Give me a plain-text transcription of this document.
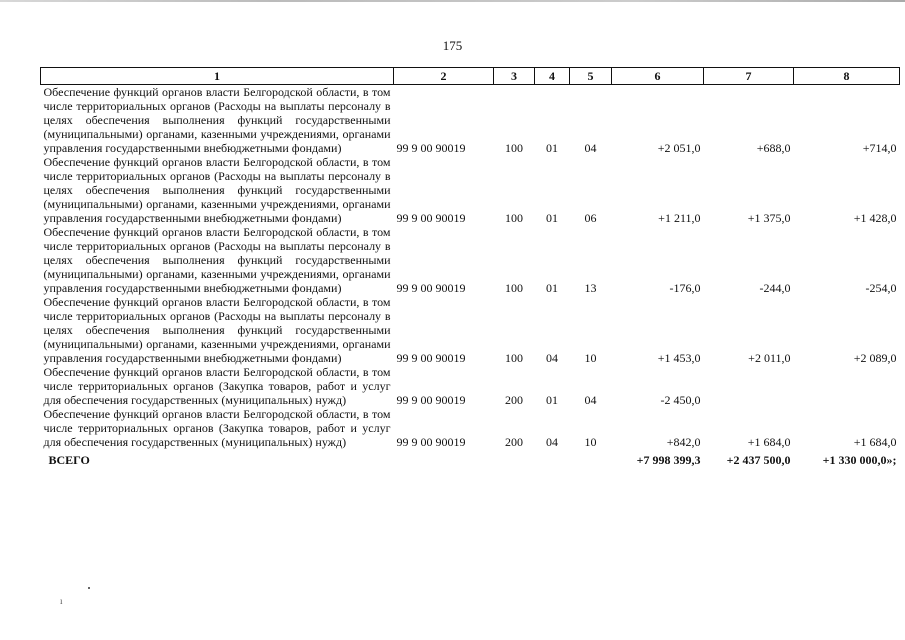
175
1	2	3	4	5	6	7	8
Обеспечение функций органов власти Белгородской области, в том числе территориальных органов (Расходы на выплаты персоналу в целях обеспечения выполнения функций государственными (муниципальными) органами, казенными учреждениями, органами управления государственными внебюджетными фондами)	99 9 00 90019	100	01	04	+2 051,0	+688,0	+714,0
Обеспечение функций органов власти Белгородской области, в том числе территориальных органов (Расходы на выплаты персоналу в целях обеспечения выполнения функций государственными (муниципальными) органами, казенными учреждениями, органами управления государственными внебюджетными фондами)	99 9 00 90019	100	01	06	+1 211,0	+1 375,0	+1 428,0
Обеспечение функций органов власти Белгородской области, в том числе территориальных органов (Расходы на выплаты персоналу в целях обеспечения выполнения функций государственными (муниципальными) органами, казенными учреждениями, органами управления государственными внебюджетными фондами)	99 9 00 90019	100	01	13	-176,0	-244,0	-254,0
Обеспечение функций органов власти Белгородской области, в том числе территориальных органов (Расходы на выплаты персоналу в целях обеспечения выполнения функций государственными (муниципальными) органами, казенными учреждениями, органами управления государственными внебюджетными фондами)	99 9 00 90019	100	04	10	+1 453,0	+2 011,0	+2 089,0
Обеспечение функций органов власти Белгородской области, в том числе территориальных органов (Закупка товаров, работ и услуг для обеспечения государственных (муниципальных) нужд)	99 9 00 90019	200	01	04	-2 450,0		
Обеспечение функций органов власти Белгородской области, в том числе территориальных органов (Закупка товаров, работ и услуг для обеспечения государственных (муниципальных) нужд)	99 9 00 90019	200	04	10	+842,0	+1 684,0	+1 684,0
ВСЕГО					+7 998 399,3	+2 437 500,0	+1 330 000,0»;
ı
